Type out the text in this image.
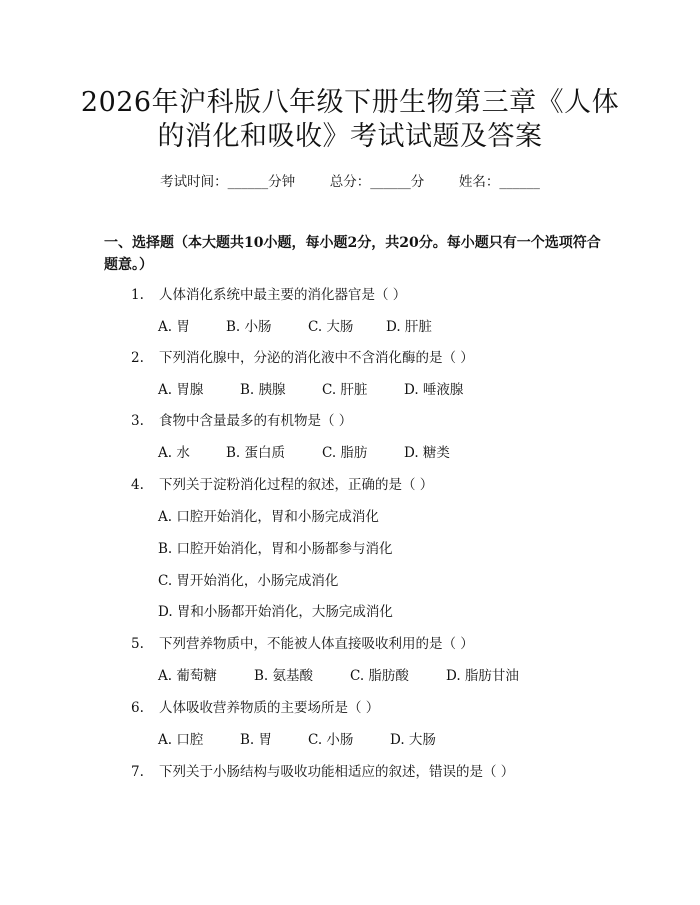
2026年沪科版八年级下册生物第三章《人体
的消化和吸收》考试试题及答案
考试时间：______分钟	总分：______分	姓名：______
一、选择题（本大题共10小题，每小题2分，共20分。每小题只有一个选项符合题意。）
1. 人体消化系统中最主要的消化器官是（ ）
A. 胃	B. 小肠	C. 大肠 D. 肝脏
2. 下列消化腺中，分泌的消化液中不含消化酶的是（ ）
A. 胃腺	B. 胰腺	C. 肝脏	D. 唾液腺
3. 食物中含量最多的有机物是（ ）
A. 水	B. 蛋白质	C. 脂肪	D. 糖类
4. 下列关于淀粉消化过程的叙述，正确的是（ ）
A. 口腔开始消化，胃和小肠完成消化
B. 口腔开始消化，胃和小肠都参与消化
C. 胃开始消化，小肠完成消化
D. 胃和小肠都开始消化，大肠完成消化
5. 下列营养物质中，不能被人体直接吸收利用的是（ ）
A. 葡萄糖	B. 氨基酸	C. 脂肪酸	D. 脂肪甘油
6. 人体吸收营养物质的主要场所是（ ）
A. 口腔	B. 胃	C. 小肠	D. 大肠
7. 下列关于小肠结构与吸收功能相适应的叙述，错误的是（ ）
